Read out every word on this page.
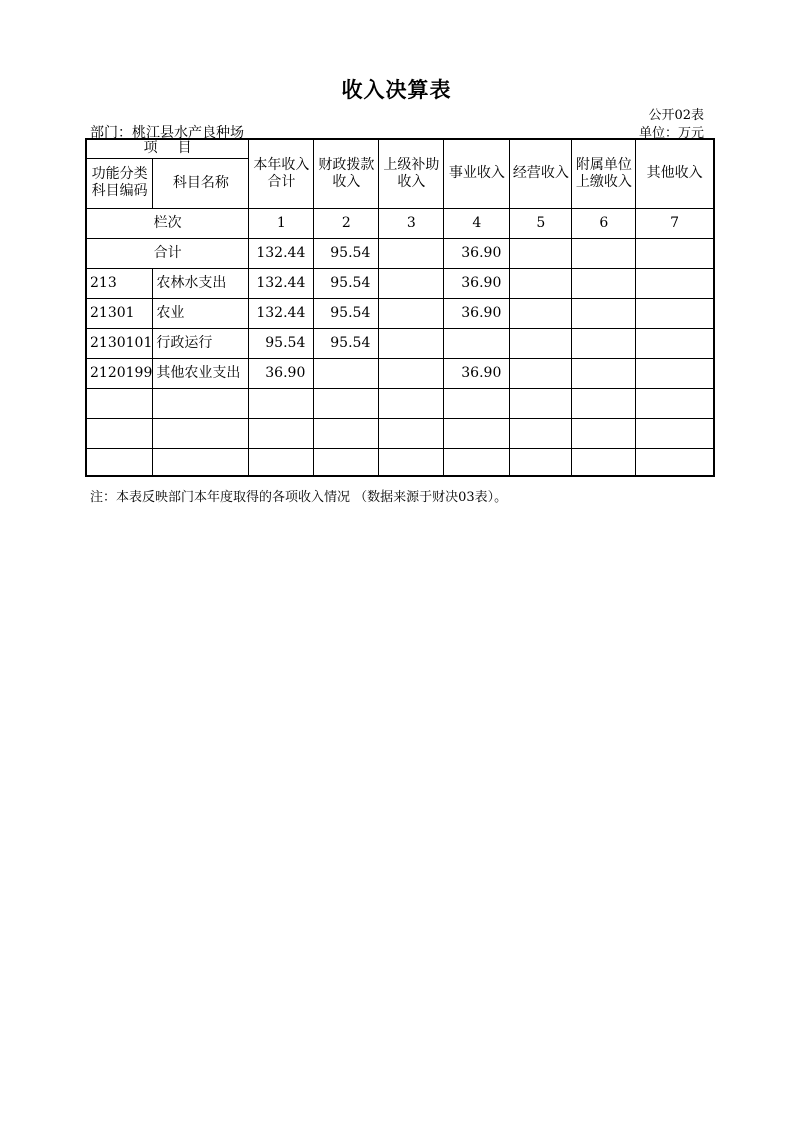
收入决算表
公开02表
部门：桃江县水产良种场	单位：万元
项目		本年收入合计	财政拨款收入	上级补助收入	事业收入	经营收入	附属单位上缴收入	其他收入
功能分类科目编码	科目名称							
栏次		1	2	3	4	5	6	7
合计		132.44	95.54		36.90			
213	农林水支出	132.44	95.54		36.90			
21301	农业	132.44	95.54		36.90			
2130101	行政运行	95.54	95.54					
2120199	其他农业支出	36.90			36.90			

注：本表反映部门本年度取得的各项收入情况 （数据来源于财决03表）。
